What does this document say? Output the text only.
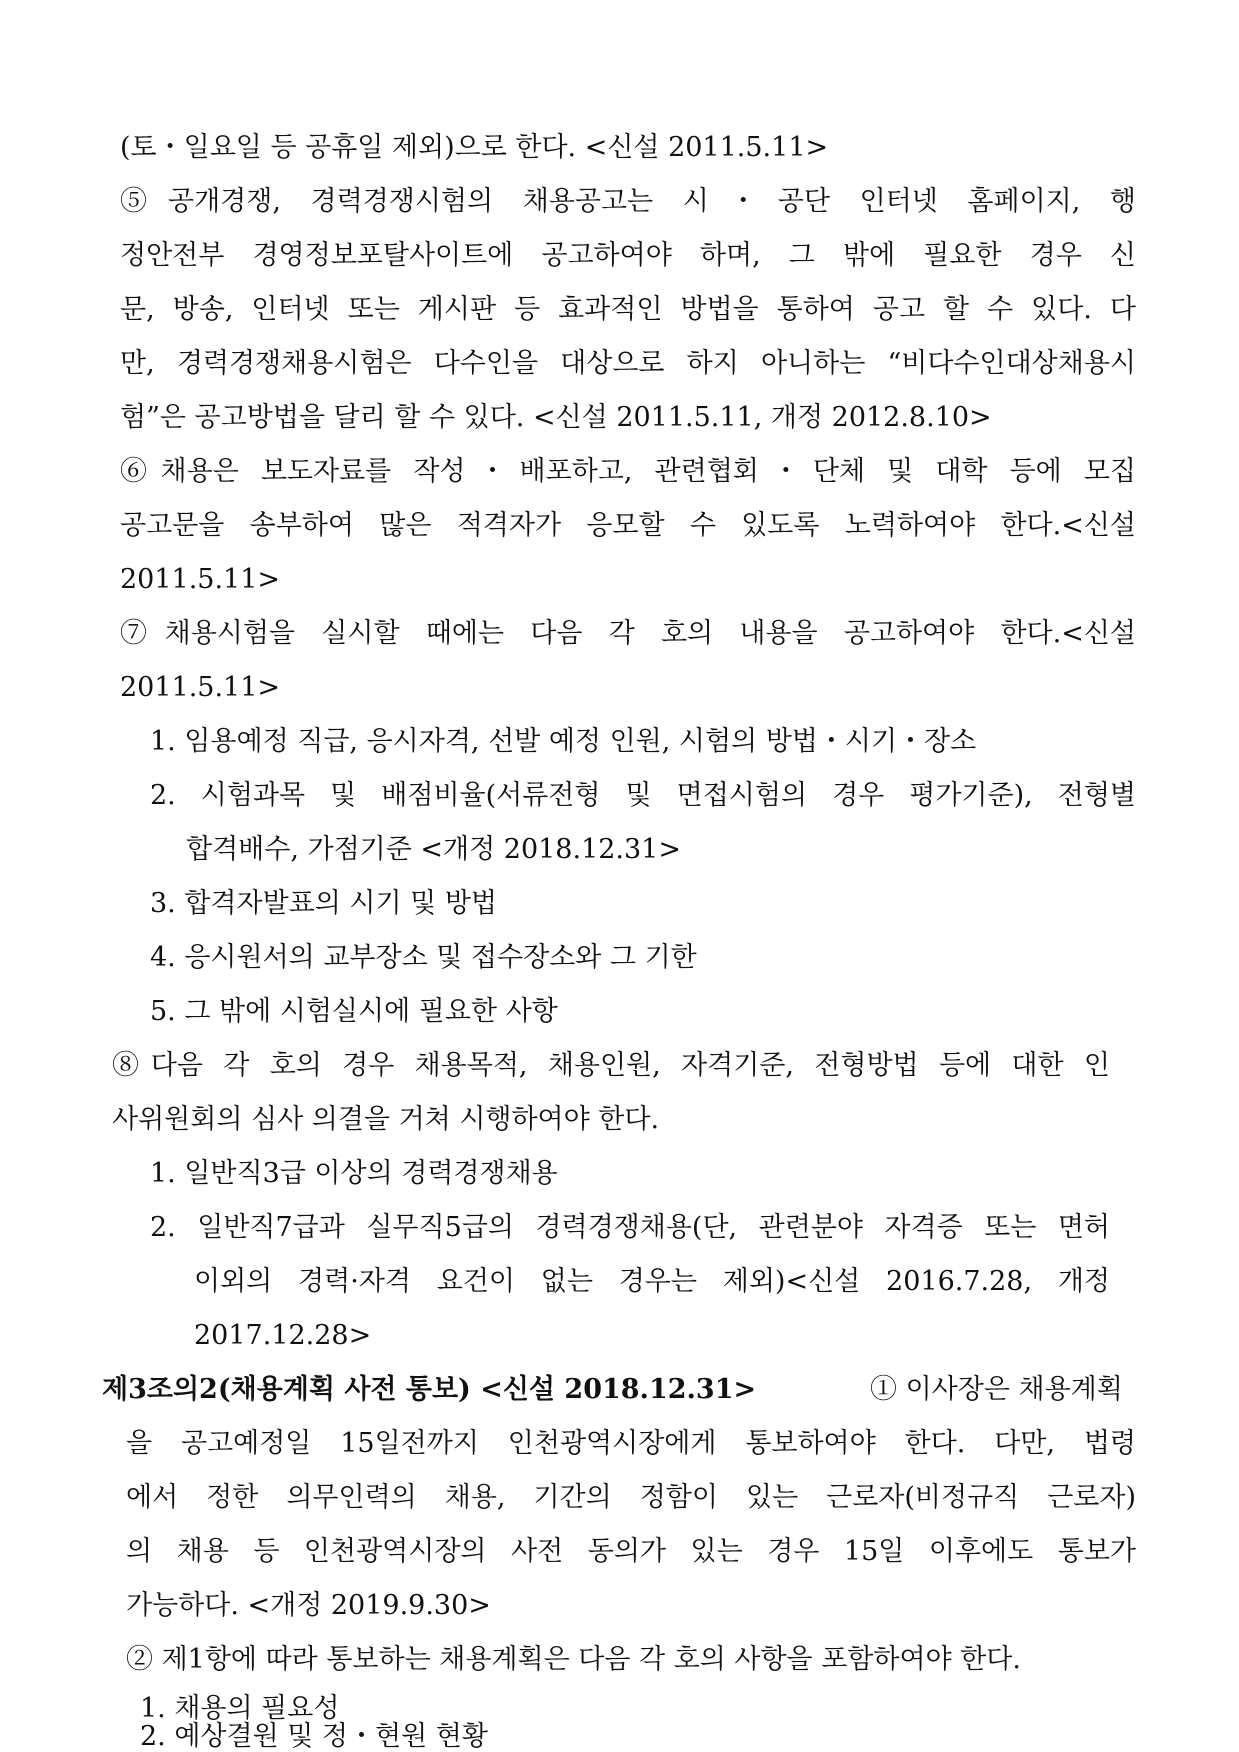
(토・일요일 등 공휴일 제외)으로 한다. <신설 2011.5.11>
⑤공개경쟁, 경력경쟁시험의 채용공고는 시・공단 인터넷 홈페이지, 행
정안전부 경영정보포탈사이트에 공고하여야 하며, 그 밖에 필요한 경우 신
문, 방송, 인터넷 또는 게시판 등 효과적인 방법을 통하여 공고 할 수 있다. 다
만, 경력경쟁채용시험은 다수인을 대상으로 하지 아니하는 “비다수인대상채용시
험”은 공고방법을 달리 할 수 있다. <신설 2011.5.11, 개정 2012.8.10>
⑥채용은 보도자료를 작성・배포하고, 관련협회・단체 및 대학 등에 모집
공고문을 송부하여 많은 적격자가 응모할 수 있도록 노력하여야 한다.<신설
2011.5.11>
⑦채용시험을 실시할 때에는 다음 각 호의 내용을 공고하여야 한다.<신설
2011.5.11>
1. 임용예정 직급, 응시자격, 선발 예정 인원, 시험의 방법・시기・장소
2. 시험과목 및 배점비율(서류전형 및 면접시험의 경우 평가기준), 전형별
합격배수, 가점기준 <개정 2018.12.31>
3. 합격자발표의 시기 및 방법
4. 응시원서의 교부장소 및 접수장소와 그 기한
5. 그 밖에 시험실시에 필요한 사항
⑧다음 각 호의 경우 채용목적, 채용인원, 자격기준, 전형방법 등에 대한 인
사위원회의 심사 의결을 거쳐 시행하여야 한다.
1. 일반직3급 이상의 경력경쟁채용
2. 일반직7급과 실무직5급의 경력경쟁채용(단, 관련분야 자격증 또는 면허
이외의 경력·자격 요건이 없는 경우는 제외)<신설 2016.7.28, 개정
2017.12.28>
제3조의2(채용계획 사전 통보) <신설 2018.12.31>	① 이사장은 채용계획
을 공고예정일 15일전까지 인천광역시장에게 통보하여야 한다. 다만, 법령
에서 정한 의무인력의 채용, 기간의 정함이 있는 근로자(비정규직 근로자)
의 채용 등 인천광역시장의 사전 동의가 있는 경우 15일 이후에도 통보가
가능하다. <개정 2019.9.30>
② 제1항에 따라 통보하는 채용계획은 다음 각 호의 사항을 포함하여야 한다.
1. 채용의 필요성
2. 예상결원 및 정・현원 현황
